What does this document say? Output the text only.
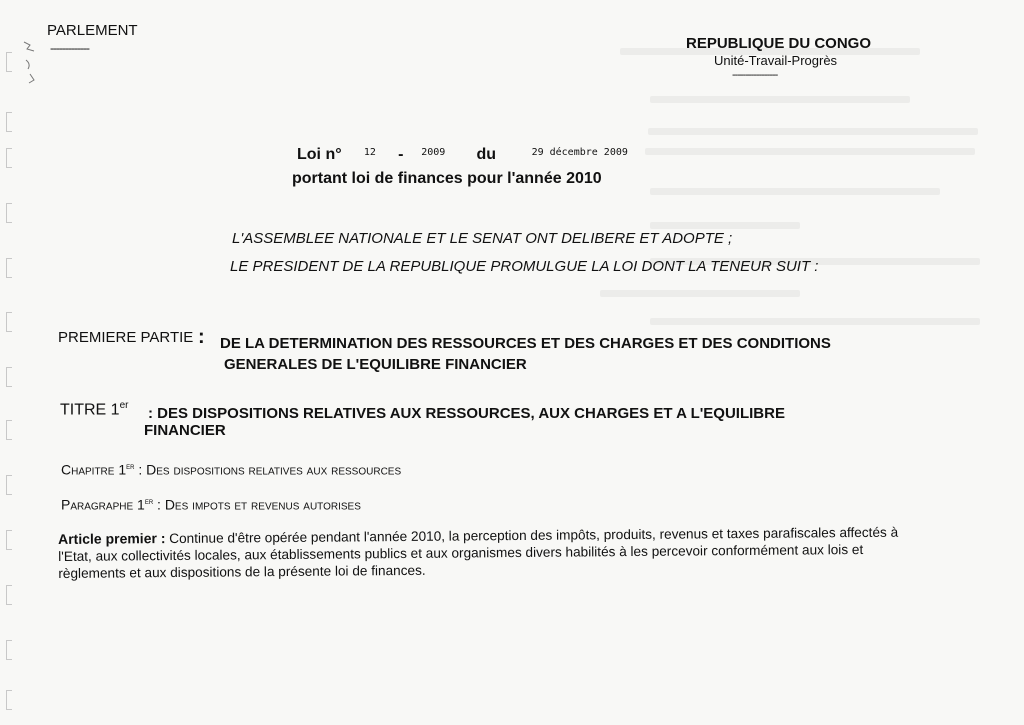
PARLEMENT
-------------	REPUBLIQUE DU CONGO
Unité-Travail-Progrès
-----------------
Loi n° $^{12}$ - $^{2009}$ du	$^{29 décembre 2009}$
portant loi de finances pour l'année 2010
L'ASSEMBLEE NATIONALE ET LE SENAT ONT DELIBERE ET ADOPTE ;
LE PRESIDENT DE LA REPUBLIQUE PROMULGUE LA LOI DONT LA TENEUR SUIT :
PREMIERE PARTIE : DE LA DETERMINATION DES RESSOURCES ET DES CHARGES ET DES CONDITIONS
GENERALES DE L'EQUILIBRE FINANCIER
TITRE 1er : DES DISPOSITIONS RELATIVES AUX RESSOURCES, AUX CHARGES ET A L'EQUILIBRE
FINANCIER
Chapitre 1er : Des dispositions relatives aux ressources
Paragraphe 1er : Des impots et revenus autorises
Article premier : Continue d'être opérée pendant l'année 2010, la perception des impôts, produits, revenus et taxes parafiscales affectés à l'Etat, aux collectivités locales, aux établissements publics et aux organismes divers habilités à les percevoir conformément aux lois et règlements et aux dispositions de la présente loi de finances.
